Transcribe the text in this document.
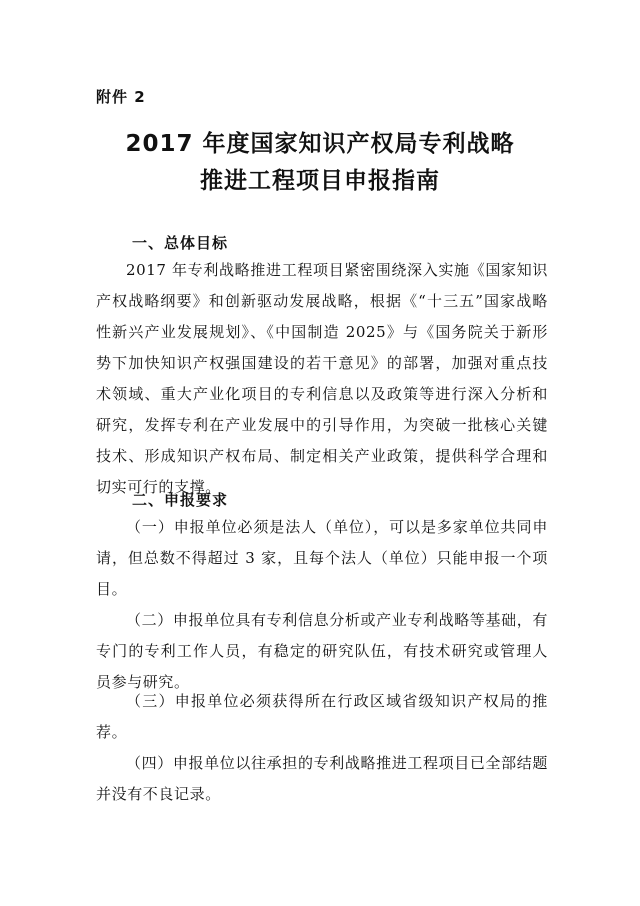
附件 2
2017 年度国家知识产权局专利战略
推进工程项目申报指南
一、总体目标

2017 年专利战略推进工程项目紧密围绕深入实施《国家知识产权战略纲要》和创新驱动发展战略，根据《“十三五”国家战略性新兴产业发展规划》、《中国制造 2025》与《国务院关于新形势下加快知识产权强国建设的若干意见》的部署，加强对重点技术领域、重大产业化项目的专利信息以及政策等进行深入分析和研究，发挥专利在产业发展中的引导作用，为突破一批核心关键技术、形成知识产权布局、制定相关产业政策，提供科学合理和切实可行的支撑。

二、申报要求

（一）申报单位必须是法人（单位），可以是多家单位共同申请，但总数不得超过 3 家，且每个法人（单位）只能申报一个项目。

（二）申报单位具有专利信息分析或产业专利战略等基础，有专门的专利工作人员，有稳定的研究队伍，有技术研究或管理人员参与研究。

（三）申报单位必须获得所在行政区域省级知识产权局的推荐。

（四）申报单位以往承担的专利战略推进工程项目已全部结题并没有不良记录。
